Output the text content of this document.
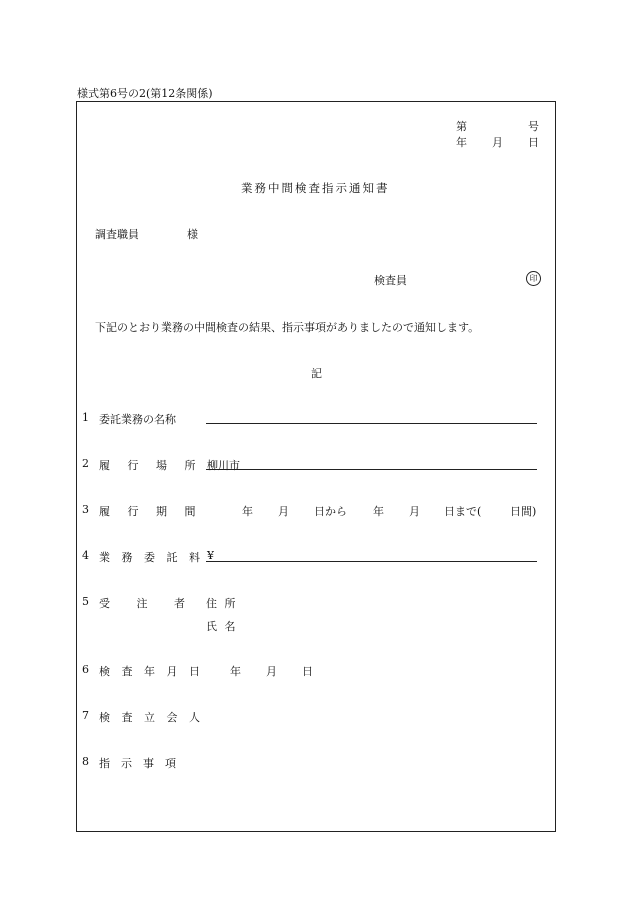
様式第6号の2(第12条関係)
第	号
年 月 日
業務中間検査指示通知書
調査職員	様
検査員	印
下記のとおり業務の中間検査の結果、指示事項がありましたので通知します。
記
1 委託業務の名称
2 履 行 場 所 柳川市
3 履 行 期 間	年 月 日から 年 月 日まで(	日間)
4 業 務 委 託 料 ¥
5 受　 注　 者 住 所
氏 名
6 検 査 年 月 日 年 月 日
7 検 査 立 会 人
8 指　示　事　項
